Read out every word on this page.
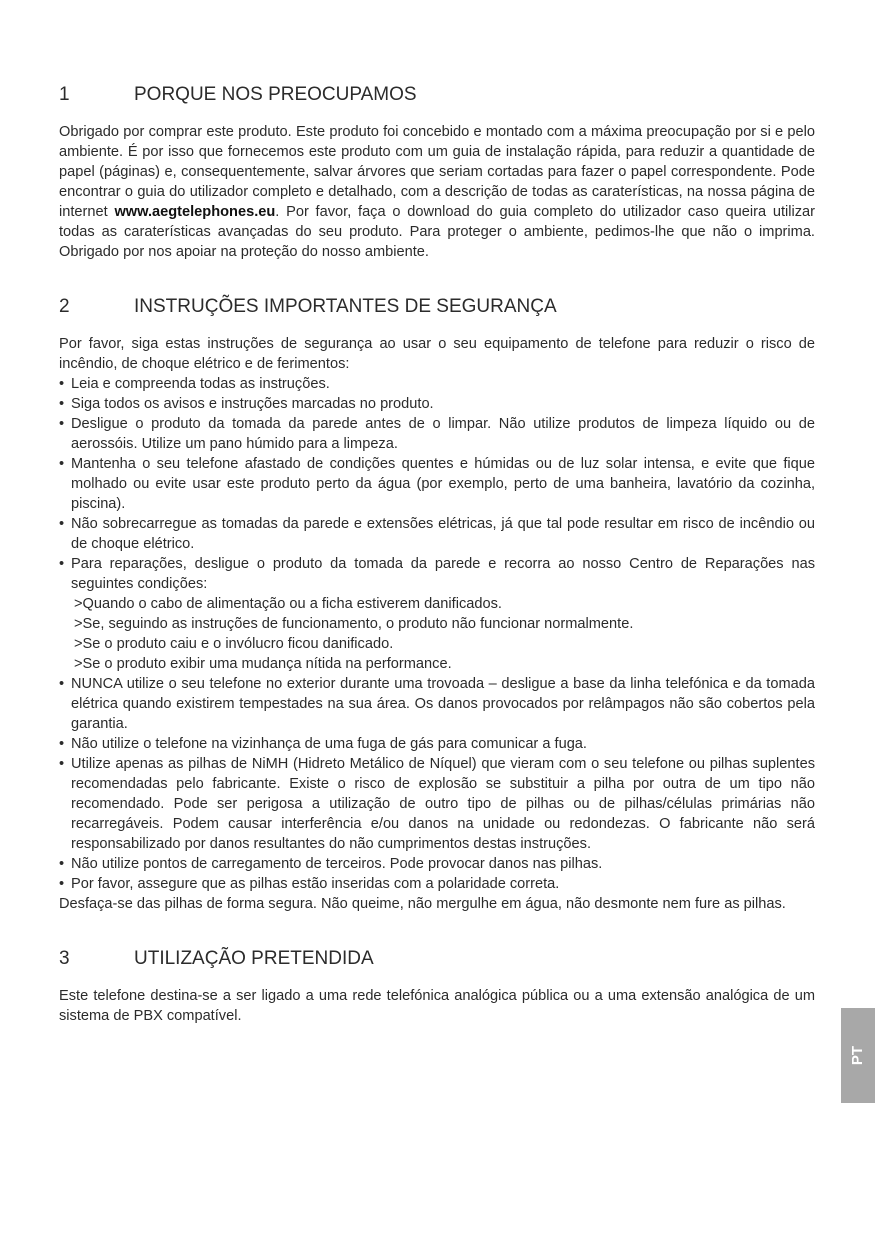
1	PORQUE NOS PREOCUPAMOS

Obrigado por comprar este produto. Este produto foi concebido e montado com a máxima preocupação por si e pelo ambiente. É por isso que fornecemos este produto com um guia de instalação rápida, para reduzir a quantidade de papel (páginas) e, consequentemente, salvar árvores que seriam cortadas para fazer o papel correspondente. Pode encontrar o guia do utilizador completo e detalhado, com a descrição de todas as caraterísticas, na nossa página de internet www.aegtelephones.eu. Por favor, faça o download do guia completo do utilizador caso queira utilizar todas as caraterísticas avançadas do seu produto. Para proteger o ambiente, pedimos-lhe que não o imprima. Obrigado por nos apoiar na proteção do nosso ambiente.

2	INSTRUÇÕES IMPORTANTES DE SEGURANÇA

Por favor, siga estas instruções de segurança ao usar o seu equipamento de telefone para reduzir o risco de incêndio, de choque elétrico e de ferimentos:

• Leia e compreenda todas as instruções.
• Siga todos os avisos e instruções marcadas no produto.
• Desligue o produto da tomada da parede antes de o limpar. Não utilize produtos de limpeza líquido ou de aerossóis. Utilize um pano húmido para a limpeza.
• Mantenha o seu telefone afastado de condições quentes e húmidas ou de luz solar intensa, e evite que fique molhado ou evite usar este produto perto da água (por exemplo, perto de uma banheira, lavatório da cozinha, piscina).
• Não sobrecarregue as tomadas da parede e extensões elétricas, já que tal pode resultar em risco de incêndio ou de choque elétrico.
• Para reparações, desligue o produto da tomada da parede e recorra ao nosso Centro de Reparações nas seguintes condições:
>Quando o cabo de alimentação ou a ficha estiverem danificados.
>Se, seguindo as instruções de funcionamento, o produto não funcionar normalmente.
>Se o produto caiu e o invólucro ficou danificado.
>Se o produto exibir uma mudança nítida na performance.
• NUNCA utilize o seu telefone no exterior durante uma trovoada – desligue a base da linha telefónica e da tomada elétrica quando existirem tempestades na sua área. Os danos provocados por relâmpagos não são cobertos pela garantia.
• Não utilize o telefone na vizinhança de uma fuga de gás para comunicar a fuga.
• Utilize apenas as pilhas de NiMH (Hidreto Metálico de Níquel) que vieram com o seu telefone ou pilhas suplentes recomendadas pelo fabricante. Existe o risco de explosão se substituir a pilha por outra de um tipo não recomendado. Pode ser perigosa a utilização de outro tipo de pilhas ou de pilhas/células primárias não recarregáveis. Podem causar interferência e/ou danos na unidade ou redondezas. O fabricante não será responsabilizado por danos resultantes do não cumprimentos destas instruções.
• Não utilize pontos de carregamento de terceiros. Pode provocar danos nas pilhas.
• Por favor, assegure que as pilhas estão inseridas com a polaridade correta.

Desfaça-se das pilhas de forma segura. Não queime, não mergulhe em água, não desmonte nem fure as pilhas.

3	UTILIZAÇÃO PRETENDIDA

Este telefone destina-se a ser ligado a uma rede telefónica analógica pública ou a uma extensão analógica de um sistema de PBX compatível.

PT
